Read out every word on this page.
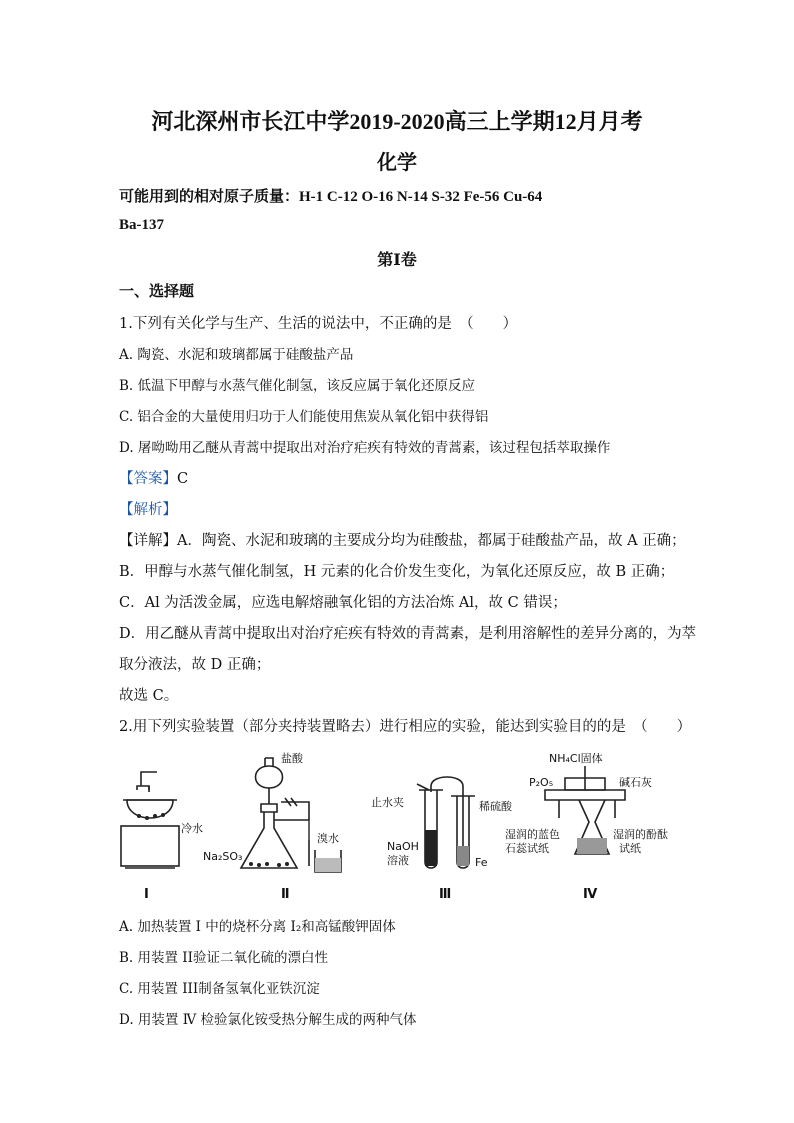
河北深州市长江中学2019-2020高三上学期12月月考
化学
可能用到的相对原子质量：H-1 C-12 O-16 N-14 S-32 Fe-56 Cu-64
Ba-137
第I卷
一、选择题
1.下列有关化学与生产、生活的说法中，不正确的是　（　　）
A. 陶瓷、水泥和玻璃都属于硅酸盐产品
B. 低温下甲醇与水蒸气催化制氢，该反应属于氧化还原反应
C. 铝合金的大量使用归功于人们能使用焦炭从氧化铝中获得铝
D. 屠呦呦用乙醚从青蒿中提取出对治疗疟疾有特效的青蒿素，该过程包括萃取操作
【答案】C
【解析】
【详解】A．陶瓷、水泥和玻璃的主要成分均为硅酸盐，都属于硅酸盐产品，故 A 正确；
B．甲醇与水蒸气催化制氢，H 元素的化合价发生变化，为氧化还原反应，故 B 正确；
C．Al 为活泼金属，应选电解熔融氧化铝的方法冶炼 Al，故 C 错误；
D．用乙醚从青蒿中提取出对治疗疟疾有特效的青蒿素，是利用溶解性的差异分离的，为萃
取分液法，故 D 正确；
故选 C。
2.用下列实验装置（部分夹持装置略去）进行相应的实验，能达到实验目的的是　（　　）
冷水
盐酸
Na₂SO₃
溴水
止水夹	稀硫酸
NaOH
溶液	Fe
NH₄Cl固体
P₂O₅	碱石灰
湿润的蓝色
石蕊试纸
湿润的酚酞
试纸
Ⅰ	Ⅱ	Ⅲ	Ⅳ
A. 加热装置 I 中的烧杯分离 I₂和高锰酸钾固体
B. 用装置 II验证二氧化硫的漂白性
C. 用装置 III制备氢氧化亚铁沉淀
D. 用装置 Ⅳ 检验氯化铵受热分解生成的两种气体
